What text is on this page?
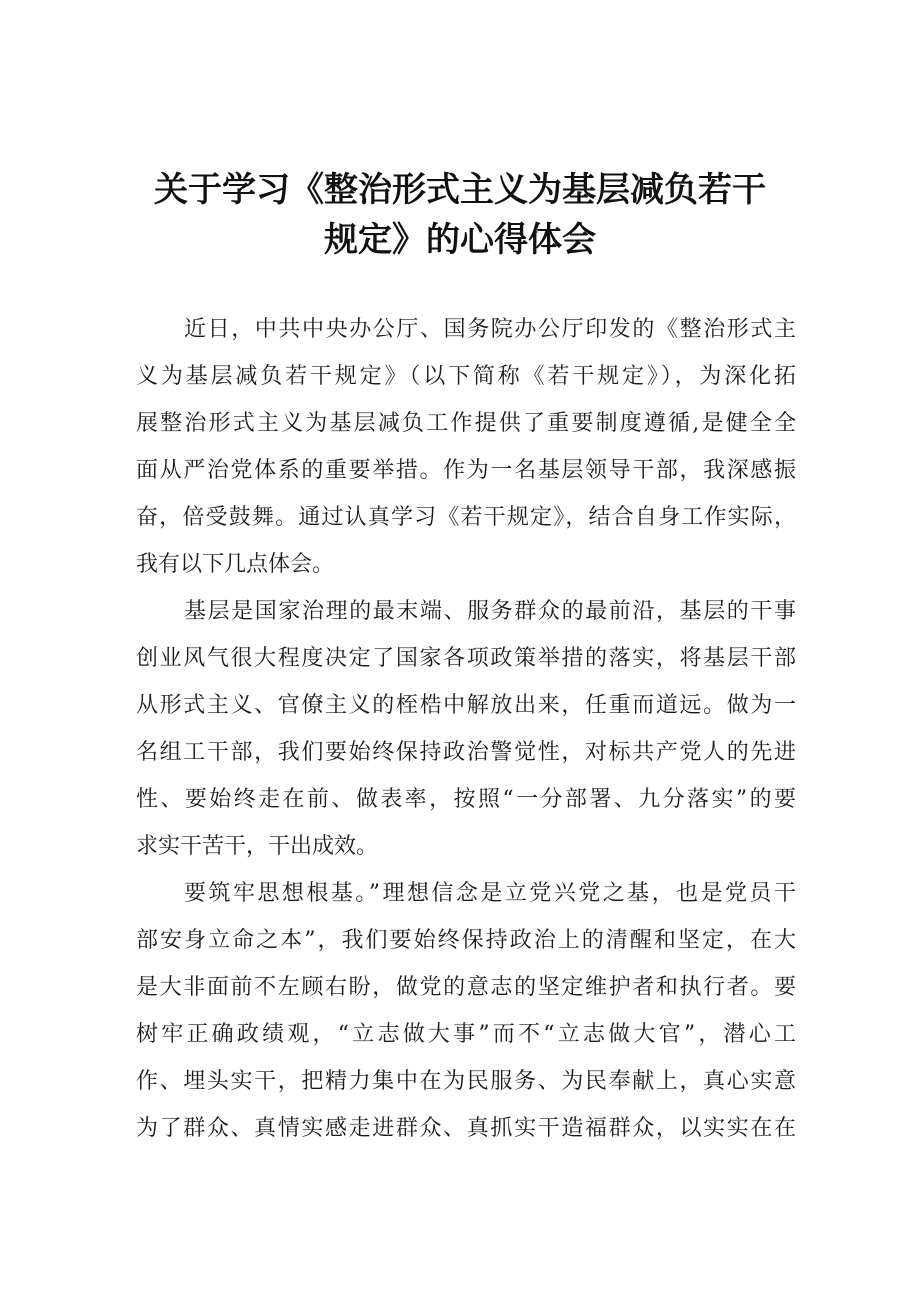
关于学习《整治形式主义为基层减负若干
规定》的心得体会

近日，中共中央办公厅、国务院办公厅印发的《整治形式主
义为基层减负若干规定》（以下简称《若干规定》），为深化拓
展整治形式主义为基层减负工作提供了重要制度遵循,是健全全
面从严治党体系的重要举措。作为一名基层领导干部，我深感振
奋，倍受鼓舞。通过认真学习《若干规定》，结合自身工作实际，
我有以下几点体会。

基层是国家治理的最末端、服务群众的最前沿，基层的干事
创业风气很大程度决定了国家各项政策举措的落实，将基层干部
从形式主义、官僚主义的桎梏中解放出来，任重而道远。做为一
名组工干部，我们要始终保持政治警觉性，对标共产党人的先进
性、要始终走在前、做表率，按照“一分部署、九分落实”的要
求实干苦干，干出成效。

要筑牢思想根基。”理想信念是立党兴党之基，也是党员干
部安身立命之本”，我们要始终保持政治上的清醒和坚定，在大
是大非面前不左顾右盼，做党的意志的坚定维护者和执行者。要
树牢正确政绩观，“立志做大事”而不“立志做大官”，潜心工
作、埋头实干，把精力集中在为民服务、为民奉献上，真心实意
为了群众、真情实感走进群众、真抓实干造福群众，以实实在在
